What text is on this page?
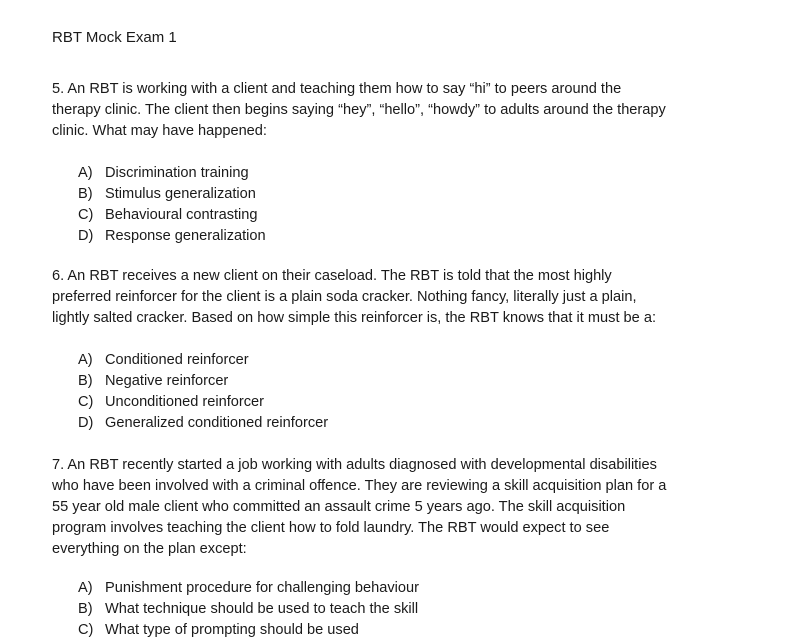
RBT Mock Exam 1

5. An RBT is working with a client and teaching them how to say “hi” to peers around the
therapy clinic. The client then begins saying “hey”, “hello”, “howdy” to adults around the therapy
clinic. What may have happened:

A) Discrimination training
B) Stimulus generalization
C) Behavioural contrasting
D) Response generalization

6. An RBT receives a new client on their caseload. The RBT is told that the most highly
preferred reinforcer for the client is a plain soda cracker. Nothing fancy, literally just a plain,
lightly salted cracker. Based on how simple this reinforcer is, the RBT knows that it must be a:

A) Conditioned reinforcer
B) Negative reinforcer
C) Unconditioned reinforcer
D) Generalized conditioned reinforcer

7. An RBT recently started a job working with adults diagnosed with developmental disabilities
who have been involved with a criminal offence. They are reviewing a skill acquisition plan for a
55 year old male client who committed an assault crime 5 years ago. The skill acquisition
program involves teaching the client how to fold laundry. The RBT would expect to see
everything on the plan except:

A) Punishment procedure for challenging behaviour
B) What technique should be used to teach the skill
C) What type of prompting should be used
